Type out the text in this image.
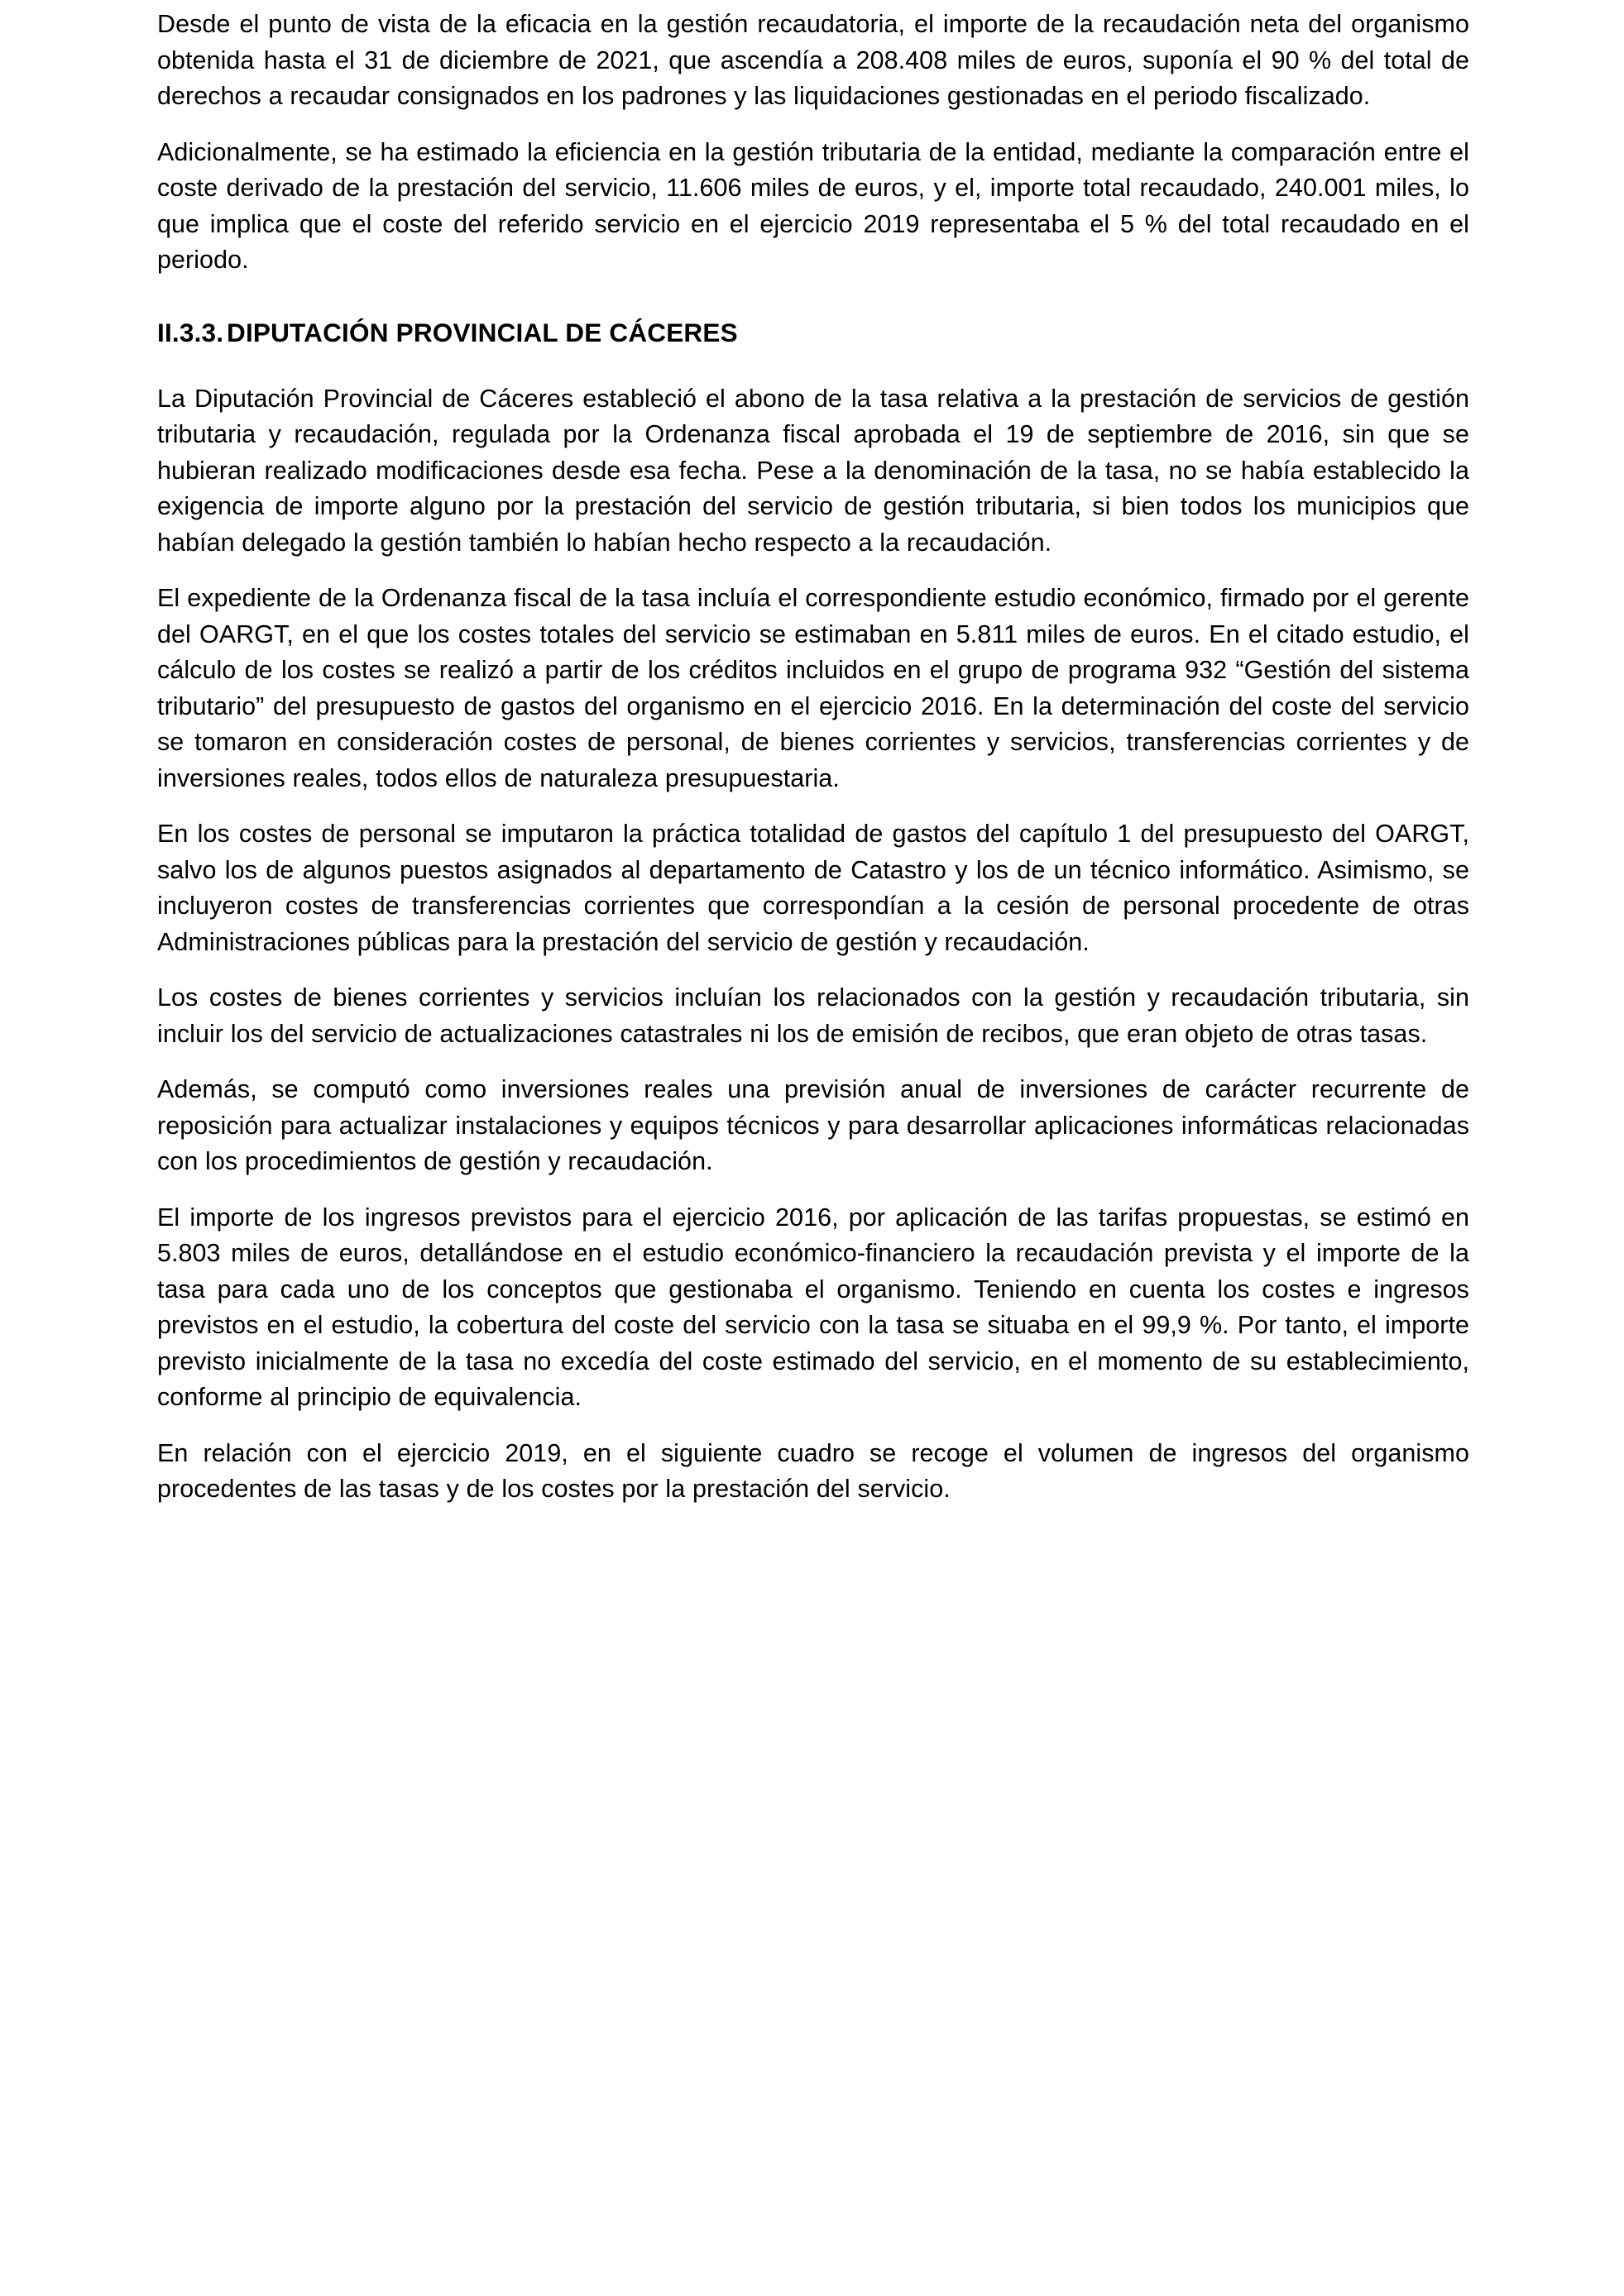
Desde el punto de vista de la eficacia en la gestión recaudatoria, el importe de la recaudación neta del organismo obtenida hasta el 31 de diciembre de 2021, que ascendía a 208.408 miles de euros, suponía el 90 % del total de derechos a recaudar consignados en los padrones y las liquidaciones gestionadas en el periodo fiscalizado.

Adicionalmente, se ha estimado la eficiencia en la gestión tributaria de la entidad, mediante la comparación entre el coste derivado de la prestación del servicio, 11.606 miles de euros, y el, importe total recaudado, 240.001 miles, lo que implica que el coste del referido servicio en el ejercicio 2019 representaba el 5 % del total recaudado en el periodo.

II.3.3. DIPUTACIÓN PROVINCIAL DE CÁCERES

La Diputación Provincial de Cáceres estableció el abono de la tasa relativa a la prestación de servicios de gestión tributaria y recaudación, regulada por la Ordenanza fiscal aprobada el 19 de septiembre de 2016, sin que se hubieran realizado modificaciones desde esa fecha. Pese a la denominación de la tasa, no se había establecido la exigencia de importe alguno por la prestación del servicio de gestión tributaria, si bien todos los municipios que habían delegado la gestión también lo habían hecho respecto a la recaudación.

El expediente de la Ordenanza fiscal de la tasa incluía el correspondiente estudio económico, firmado por el gerente del OARGT, en el que los costes totales del servicio se estimaban en 5.811 miles de euros. En el citado estudio, el cálculo de los costes se realizó a partir de los créditos incluidos en el grupo de programa 932 “Gestión del sistema tributario” del presupuesto de gastos del organismo en el ejercicio 2016. En la determinación del coste del servicio se tomaron en consideración costes de personal, de bienes corrientes y servicios, transferencias corrientes y de inversiones reales, todos ellos de naturaleza presupuestaria.

En los costes de personal se imputaron la práctica totalidad de gastos del capítulo 1 del presupuesto del OARGT, salvo los de algunos puestos asignados al departamento de Catastro y los de un técnico informático. Asimismo, se incluyeron costes de transferencias corrientes que correspondían a la cesión de personal procedente de otras Administraciones públicas para la prestación del servicio de gestión y recaudación.

Los costes de bienes corrientes y servicios incluían los relacionados con la gestión y recaudación tributaria, sin incluir los del servicio de actualizaciones catastrales ni los de emisión de recibos, que eran objeto de otras tasas.

Además, se computó como inversiones reales una previsión anual de inversiones de carácter recurrente de reposición para actualizar instalaciones y equipos técnicos y para desarrollar aplicaciones informáticas relacionadas con los procedimientos de gestión y recaudación.

El importe de los ingresos previstos para el ejercicio 2016, por aplicación de las tarifas propuestas, se estimó en 5.803 miles de euros, detallándose en el estudio económico-financiero la recaudación prevista y el importe de la tasa para cada uno de los conceptos que gestionaba el organismo. Teniendo en cuenta los costes e ingresos previstos en el estudio, la cobertura del coste del servicio con la tasa se situaba en el 99,9 %. Por tanto, el importe previsto inicialmente de la tasa no excedía del coste estimado del servicio, en el momento de su establecimiento, conforme al principio de equivalencia.

En relación con el ejercicio 2019, en el siguiente cuadro se recoge el volumen de ingresos del organismo procedentes de las tasas y de los costes por la prestación del servicio.
